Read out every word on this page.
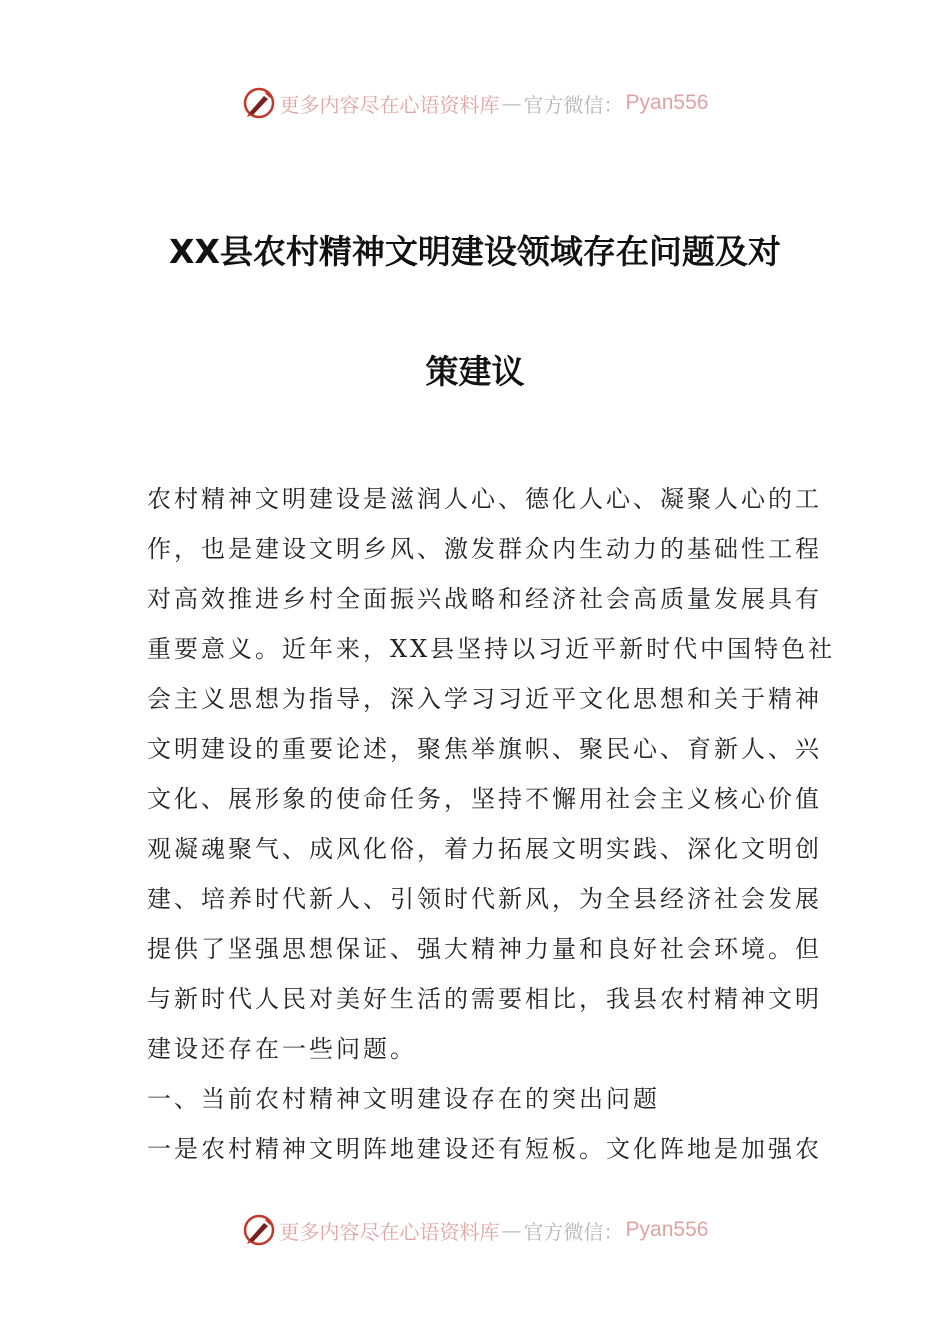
更多内容尽在心语资料库 — 官方微信： Pyan556
XX县农村精神文明建设领域存在问题及对
策建议
农村精神文明建设是滋润人心、德化人心、凝聚人心的工
作，也是建设文明乡风、激发群众内生动力的基础性工程
对高效推进乡村全面振兴战略和经济社会高质量发展具有
重要意义。近年来，XX县坚持以习近平新时代中国特色社
会主义思想为指导，深入学习习近平文化思想和关于精神
文明建设的重要论述，聚焦举旗帜、聚民心、育新人、兴
文化、展形象的使命任务，坚持不懈用社会主义核心价值
观凝魂聚气、成风化俗，着力拓展文明实践、深化文明创
建、培养时代新人、引领时代新风，为全县经济社会发展
提供了坚强思想保证、强大精神力量和良好社会环境。但
与新时代人民对美好生活的需要相比，我县农村精神文明
建设还存在一些问题。
一、当前农村精神文明建设存在的突出问题
一是农村精神文明阵地建设还有短板。文化阵地是加强农
更多内容尽在心语资料库 — 官方微信： Pyan556
